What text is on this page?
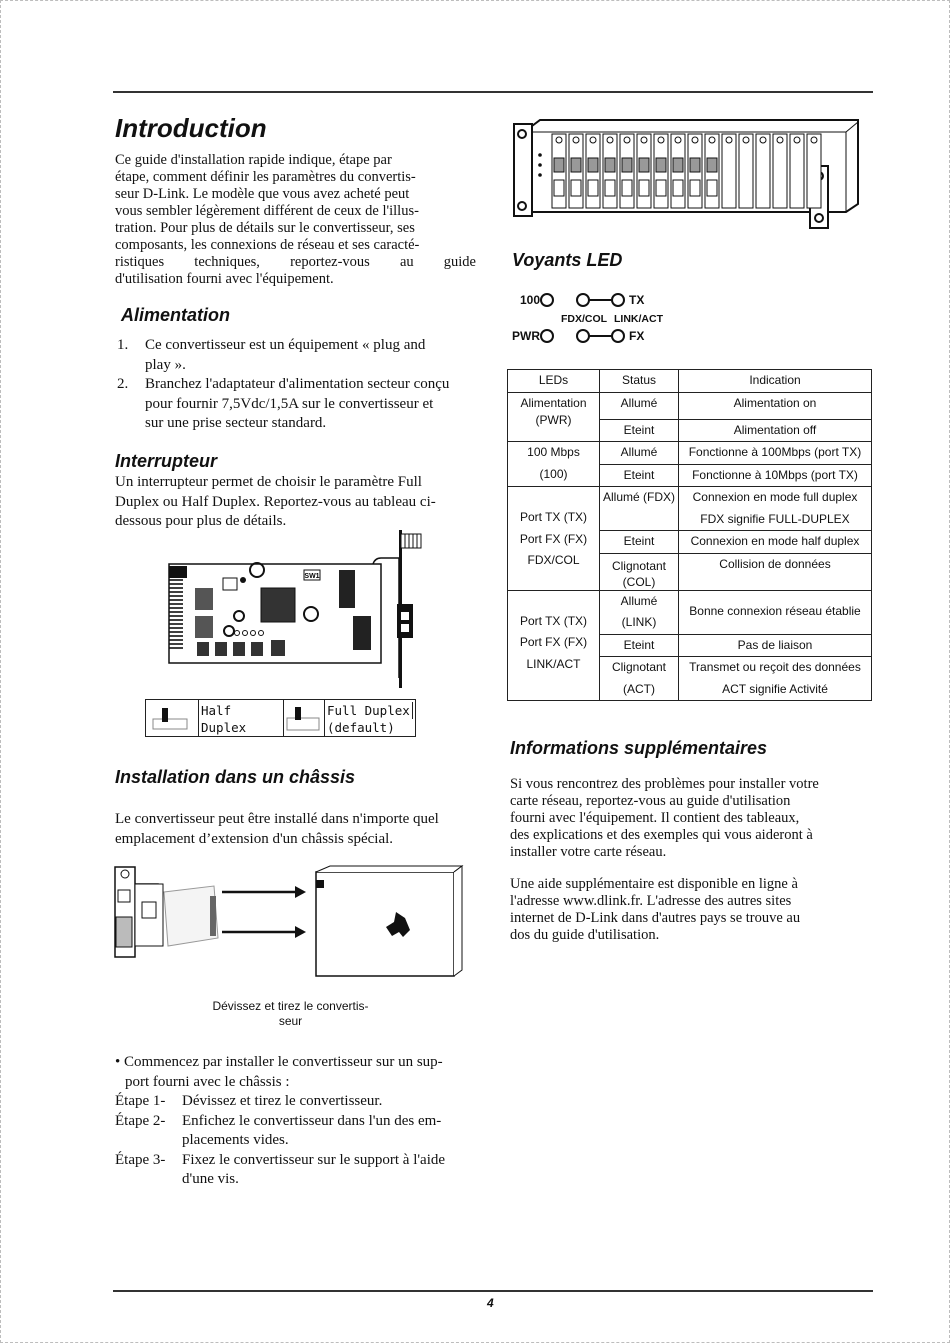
Introduction
Ce guide d'installation rapide indique, étape par
étape, comment définir les paramètres du convertis-
seur D-Link. Le modèle que vous avez acheté peut
vous sembler légèrement différent de ceux de l'illus-
tration. Pour plus de détails sur le convertisseur, ses
composants, les connexions de réseau et ses caracté-
ristiques techniques, reportez-vous au guide
d'utilisation fourni avec l'équipement.
Alimentation
1. Ce convertisseur est un équipement « plug and
play ».
2. Branchez l'adaptateur d'alimentation secteur conçu
pour fournir 7,5Vdc/1,5A sur le convertisseur et
sur une prise secteur standard.
Interrupteur
Un interrupteur permet de choisir le paramètre Full
Duplex ou Half Duplex. Reportez-vous au tableau ci-
dessous pour plus de détails.
SW1
Half Duplex
Full Duplex
(default)
Installation dans un châssis
Le convertisseur peut être installé dans n'importe quel
emplacement d’extension d'un châssis spécial.
Dévissez et tirez le convertis-
seur
• Commencez par installer le convertisseur sur un sup-
port fourni avec le châssis :
Étape 1- Dévissez et tirez le convertisseur.
Étape 2- Enfichez le convertisseur dans l'un des em-
placements vides.
Étape 3- Fixez le convertisseur sur le support à l'aide
d'une vis.
Voyants LED
100	TX
FDX/COL LINK/ACT
PWR	FX
LEDs	Status	Indication

Alimentation
(PWR)	Allumé	Alimentation on
	Eteint	Alimentation off

100 Mbps
(100)	Allumé	Fonctionne à 100Mbps (port TX)
	Eteint	Fonctionne à 10Mbps (port TX)

Port TX (TX)
Port FX (FX)
FDX/COL	Allumé (FDX)	Connexion en mode full duplex
FDX signifie FULL-DUPLEX

	Eteint	Connexion en mode half duplex

	Clignotant
(COL)	Collision de données

Port TX (TX)
Port FX (FX)
LINK/ACT	Allumé
(LINK)	Bonne connexion réseau établie

	Eteint	Pas de liaison

	Clignotant
(ACT)	Transmet ou reçoit des données
ACT signifie Activité
Informations supplémentaires
Si vous rencontrez des problèmes pour installer votre
carte réseau, reportez-vous au guide d'utilisation
fourni avec l'équipement. Il contient des tableaux,
des explications et des exemples qui vous aideront à
installer votre carte réseau.
Une aide supplémentaire est disponible en ligne à
l'adresse www.dlink.fr. L'adresse des autres sites
internet de D-Link dans d'autres pays se trouve au
dos du guide d'utilisation.
4
